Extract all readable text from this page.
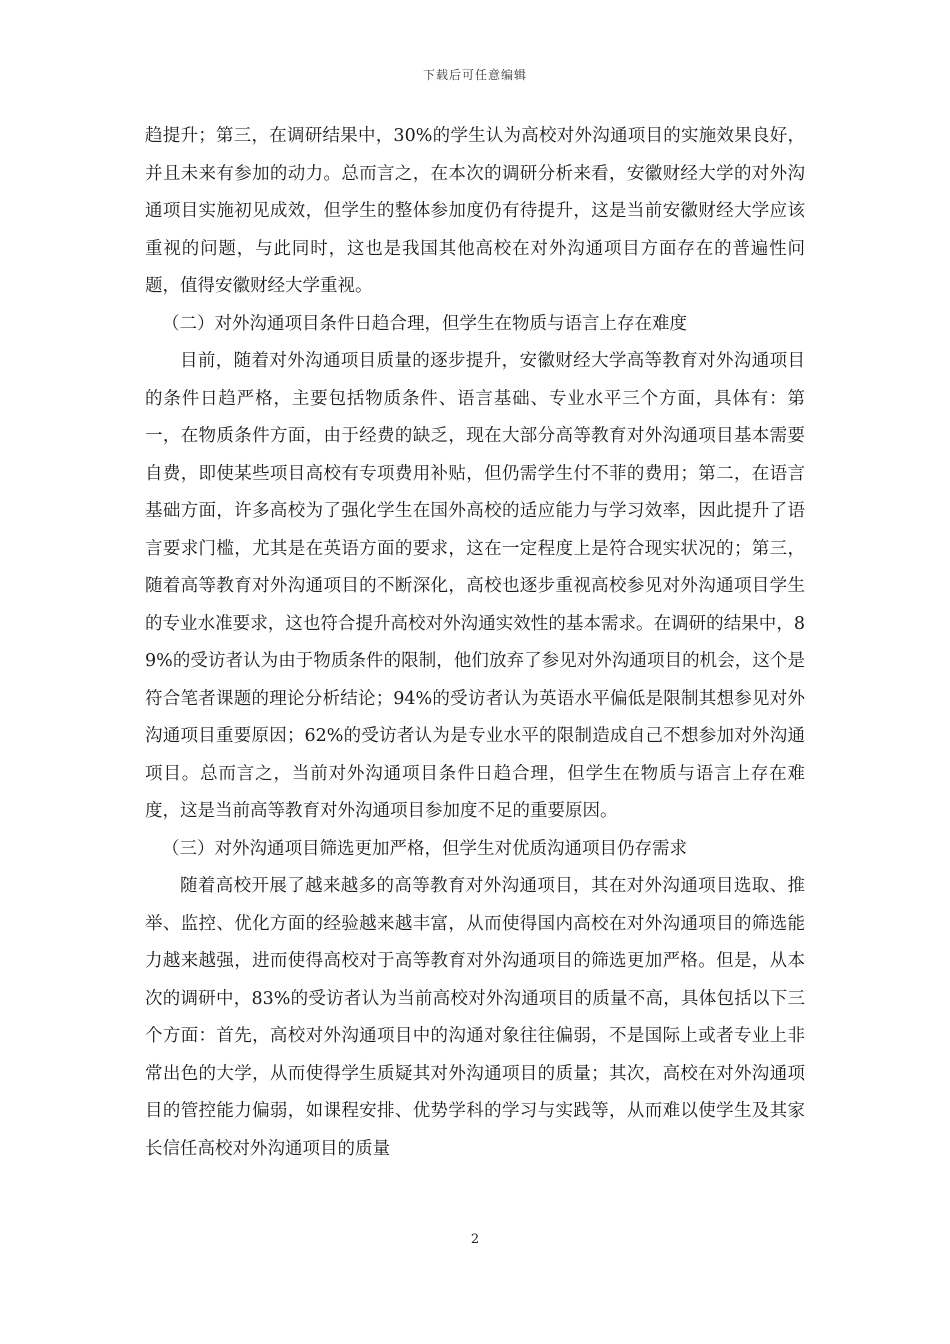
下载后可任意编辑

趋提升；第三，在调研结果中，30%的学生认为高校对外沟通项目的实施效果良好，并且未来有参加的动力。总而言之，在本次的调研分析来看，安徽财经大学的对外沟通项目实施初见成效，但学生的整体参加度仍有待提升，这是当前安徽财经大学应该重视的问题，与此同时，这也是我国其他高校在对外沟通项目方面存在的普遍性问题，值得安徽财经大学重视。

（二）对外沟通项目条件日趋合理，但学生在物质与语言上存在难度

目前，随着对外沟通项目质量的逐步提升，安徽财经大学高等教育对外沟通项目的条件日趋严格，主要包括物质条件、语言基础、专业水平三个方面，具体有：第一，在物质条件方面，由于经费的缺乏，现在大部分高等教育对外沟通项目基本需要自费，即使某些项目高校有专项费用补贴，但仍需学生付不菲的费用；第二，在语言基础方面，许多高校为了强化学生在国外高校的适应能力与学习效率，因此提升了语言要求门槛，尤其是在英语方面的要求，这在一定程度上是符合现实状况的；第三，随着高等教育对外沟通项目的不断深化，高校也逐步重视高校参见对外沟通项目学生的专业水准要求，这也符合提升高校对外沟通实效性的基本需求。在调研的结果中，89%的受访者认为由于物质条件的限制，他们放弃了参见对外沟通项目的机会，这个是符合笔者课题的理论分析结论；94%的受访者认为英语水平偏低是限制其想参见对外沟通项目重要原因；62%的受访者认为是专业水平的限制造成自己不想参加对外沟通项目。总而言之，当前对外沟通项目条件日趋合理，但学生在物质与语言上存在难度，这是当前高等教育对外沟通项目参加度不足的重要原因。

（三）对外沟通项目筛选更加严格，但学生对优质沟通项目仍存需求

随着高校开展了越来越多的高等教育对外沟通项目，其在对外沟通项目选取、推举、监控、优化方面的经验越来越丰富，从而使得国内高校在对外沟通项目的筛选能力越来越强，进而使得高校对于高等教育对外沟通项目的筛选更加严格。但是，从本次的调研中，83%的受访者认为当前高校对外沟通项目的质量不高，具体包括以下三个方面：首先，高校对外沟通项目中的沟通对象往往偏弱，不是国际上或者专业上非常出色的大学，从而使得学生质疑其对外沟通项目的质量；其次，高校在对外沟通项目的管控能力偏弱，如课程安排、优势学科的学习与实践等，从而难以使学生及其家长信任高校对外沟通项目的质量

2
